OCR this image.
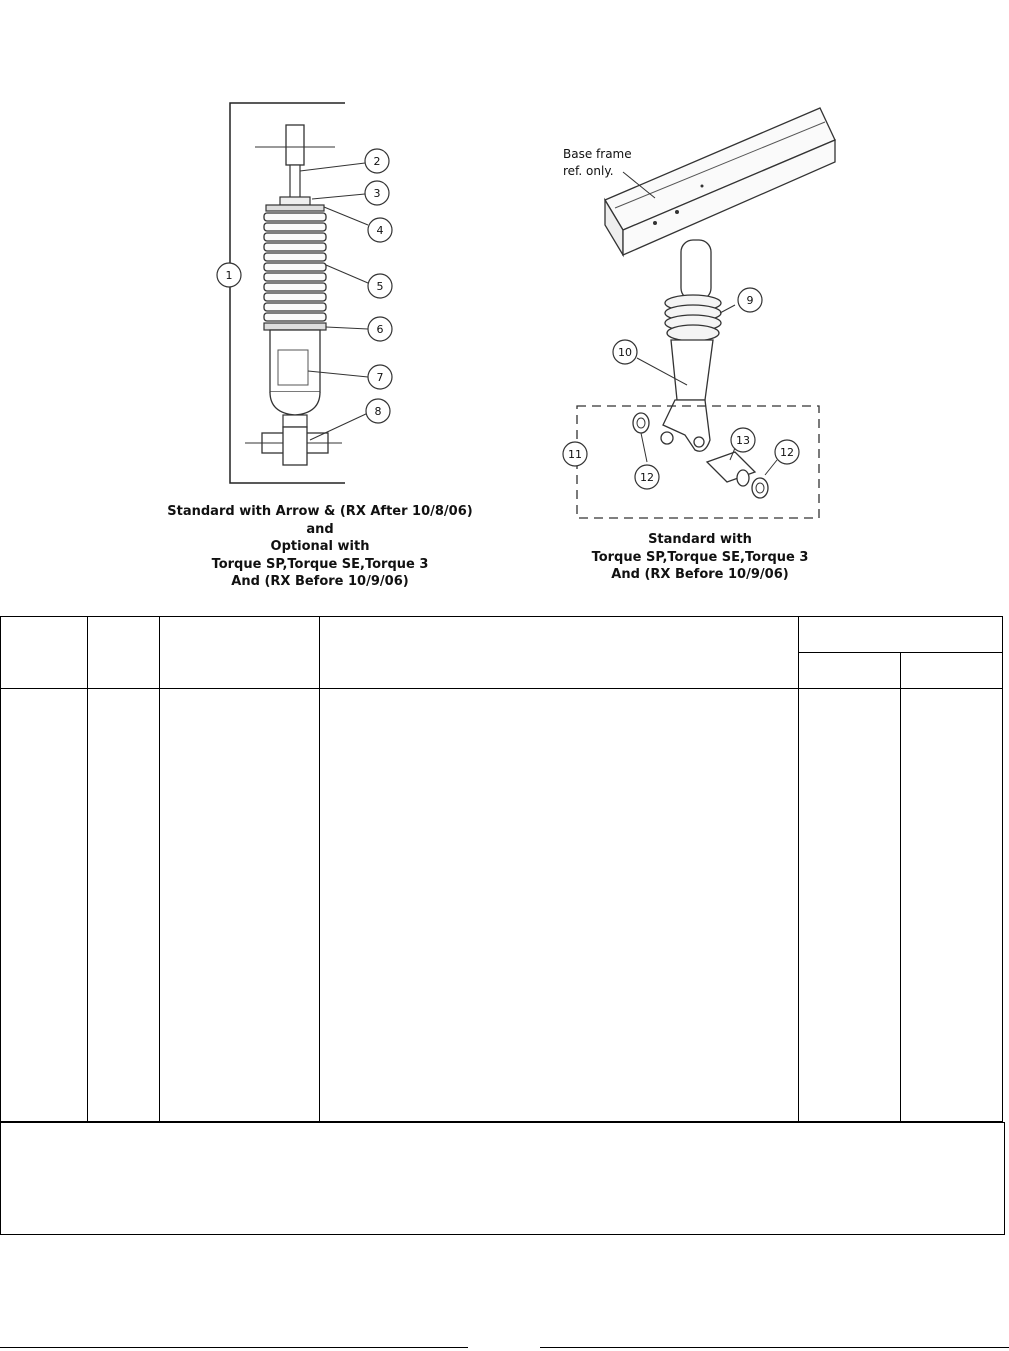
1
2
3
4
5
6
7
8
Standard with Arrow & (RX After 10/8/06)
and
Optional with
Torque SP,Torque SE,Torque 3
And (RX Before 10/9/06)
Base frame
ref. only.
9
10
11
12
12
13
Standard with
Torque SP,Torque SE,Torque 3
And (RX Before 10/9/06)
